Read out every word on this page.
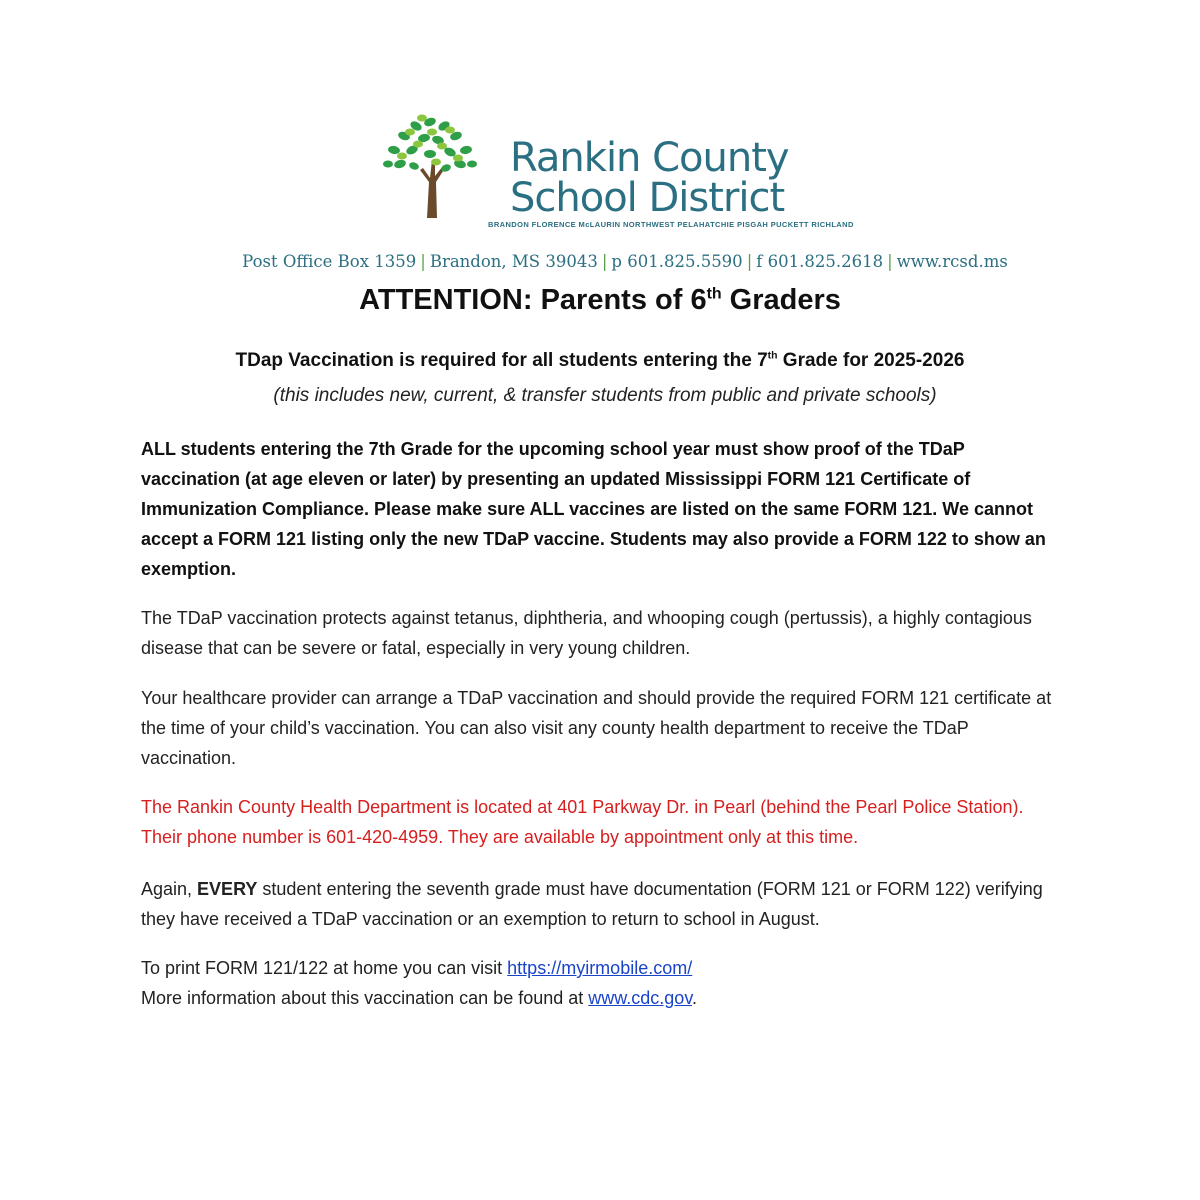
Rankin County
School District
BRANDON FLORENCE McLAURIN NORTHWEST PELAHATCHIE PISGAH PUCKETT RICHLAND
Post Office Box 1359 | Brandon, MS 39043 | p 601.825.5590 | f 601.825.2618 | www.rcsd.ms
ATTENTION: Parents of 6th Graders
TDap Vaccination is required for all students entering the 7th Grade for 2025-2026
(this includes new, current, & transfer students from public and private schools)

ALL students entering the 7th Grade for the upcoming school year must show proof of the TDaP vaccination (at age eleven or later) by presenting an updated Mississippi FORM 121 Certificate of Immunization Compliance. Please make sure ALL vaccines are listed on the same FORM 121. We cannot accept a FORM 121 listing only the new TDaP vaccine. Students may also provide a FORM 122 to show an exemption.

The TDaP vaccination protects against tetanus, diphtheria, and whooping cough (pertussis), a highly contagious disease that can be severe or fatal, especially in very young children.

Your healthcare provider can arrange a TDaP vaccination and should provide the required FORM 121 certificate at the time of your child’s vaccination. You can also visit any county health department to receive the TDaP vaccination.

The Rankin County Health Department is located at 401 Parkway Dr. in Pearl (behind the Pearl Police Station). Their phone number is 601-420-4959. They are available by appointment only at this time.

Again, EVERY student entering the seventh grade must have documentation (FORM 121 or FORM 122) verifying they have received a TDaP vaccination or an exemption to return to school in August.

To print FORM 121/122 at home you can visit https://myirmobile.com/
More information about this vaccination can be found at www.cdc.gov.
